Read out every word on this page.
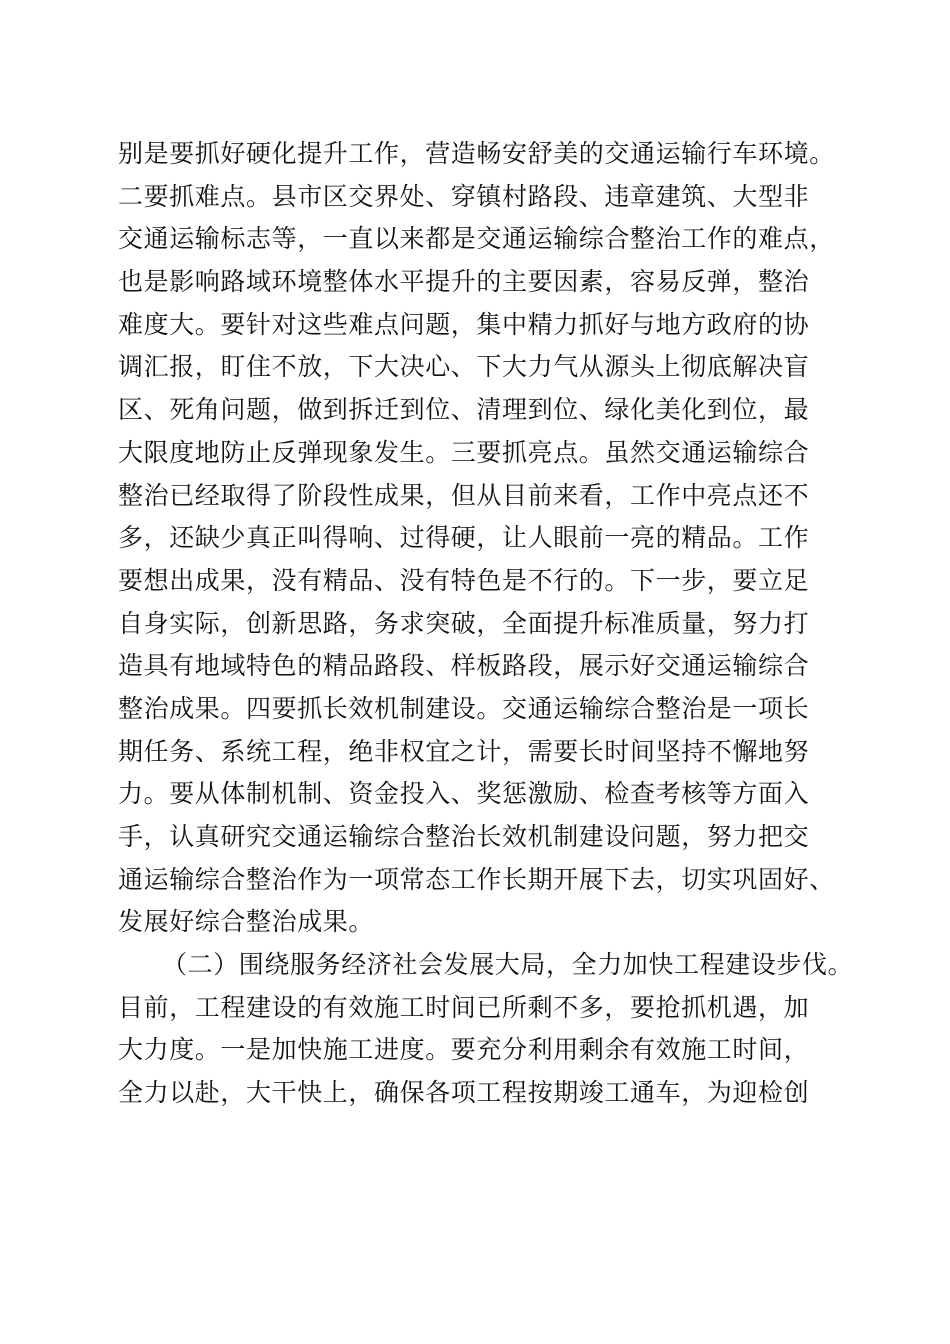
别是要抓好硬化提升工作，营造畅安舒美的交通运输行车环境。
二要抓难点。县市区交界处、穿镇村路段、违章建筑、大型非
交通运输标志等，一直以来都是交通运输综合整治工作的难点，
也是影响路域环境整体水平提升的主要因素，容易反弹，整治
难度大。要针对这些难点问题，集中精力抓好与地方政府的协
调汇报，盯住不放，下大决心、下大力气从源头上彻底解决盲
区、死角问题，做到拆迁到位、清理到位、绿化美化到位，最
大限度地防止反弹现象发生。三要抓亮点。虽然交通运输综合
整治已经取得了阶段性成果，但从目前来看，工作中亮点还不
多，还缺少真正叫得响、过得硬，让人眼前一亮的精品。工作
要想出成果，没有精品、没有特色是不行的。下一步，要立足
自身实际，创新思路，务求突破，全面提升标准质量，努力打
造具有地域特色的精品路段、样板路段，展示好交通运输综合
整治成果。四要抓长效机制建设。交通运输综合整治是一项长
期任务、系统工程，绝非权宜之计，需要长时间坚持不懈地努
力。要从体制机制、资金投入、奖惩激励、检查考核等方面入
手，认真研究交通运输综合整治长效机制建设问题，努力把交
通运输综合整治作为一项常态工作长期开展下去，切实巩固好、
发展好综合整治成果。
（二）围绕服务经济社会发展大局，全力加快工程建设步伐。
目前，工程建设的有效施工时间已所剩不多，要抢抓机遇，加
大力度。一是加快施工进度。要充分利用剩余有效施工时间，
全力以赴，大干快上，确保各项工程按期竣工通车，为迎检创
